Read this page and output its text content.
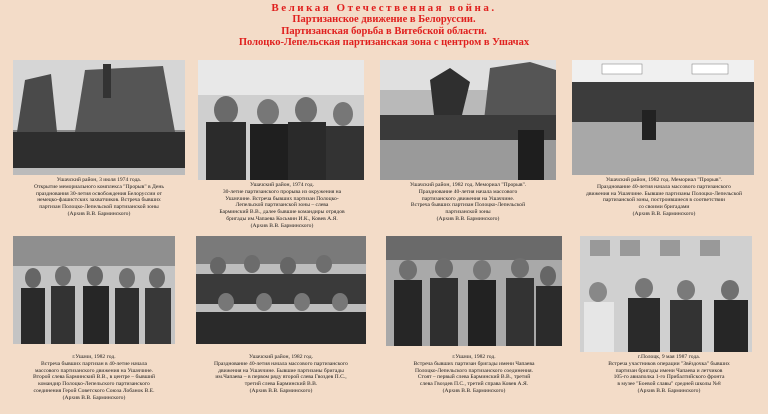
Великая Отечественная война.
Партизанское движение в Белоруссии.
Партизанская борьба в Витебской области.
Полоцко-Лепельская партизанская зона с центром в Ушачах
Ушачский район, 3 июля 1974 года.
Открытие мемориального комплекса "Прорыв" в День
празднования 30-летия освобождения Белоруссии от
немецко-фашистских захватчиков. Встреча бывших
партизан Полоцко-Лепельской партизанской зоны
(Архив В.В. Барминского)
Ушачский район, 1974 год.
30-летие партизанского прорыва из окружения на
Ушаччине. Встреча бывших партизан Полоцко-
Лепельской партизанской зоны – слева
Барминский В.В., далее бывшие командиры отрядов
бригады им.Чапаева Косьмин И.К., Ковев А.Я.
(Архив В.В. Барминского)
Ушачский район, 1982 год. Мемориал "Прорыв".
Празднование 40-летия начала массового
партизанского движения на Ушаччине.
Встреча бывших партизан Полоцко-Лепельской
партизанской зоны
(Архив В.В. Барминского)
Ушачский район, 1982 год. Мемориал "Прорыв".
Празднование 40-летия начала массового партизанского
движения на Ушаччине. Бывшие партизаны Полоцко-Лепельской
партизанской зоны, построившиеся в соответствии
со своими бригадами
(Архив В.В. Барминского)
г.Ушачи, 1982 год.
Встреча бывших партизан в 40-летие начала
массового партизанского движения на Ушаччине.
Второй слева Барминский В.В., в центре – бывший
командир Полоцко-Лепельского партизанского
соединения Герой Советского Союза Лобанок В.Е.
(Архив В.В. Барминского)
Ушачский район, 1982 год.
Празднование 40-летия начала массового партизанского
движения на Ушаччине. Бывшие партизаны бригады
им.Чапаева – в первом ряду второй слева Гвоздев П.С.,
третий слева Барминский В.В.
(Архив В.В. Барминского)
г.Ушачи, 1982 год.
Встреча бывших партизан бригады имени Чапаева
Полоцко-Лепельского партизанского соединения.
Стоят – первый слева Барминский В.В., третий
слева Гвоздев П.С., третий справа Ковев А.Я.
(Архив В.В. Барминского)
г.Полоцк, 9 мая 1987 года.
Встреча участников операции "Звёздочка" бывших
партизан бригады имени Чапаева и летчиков
105-го авиаполка 1-го Прибалтийского фронта
в музее "Боевой славы" средней школы №8
(Архив В.В. Барминского)
